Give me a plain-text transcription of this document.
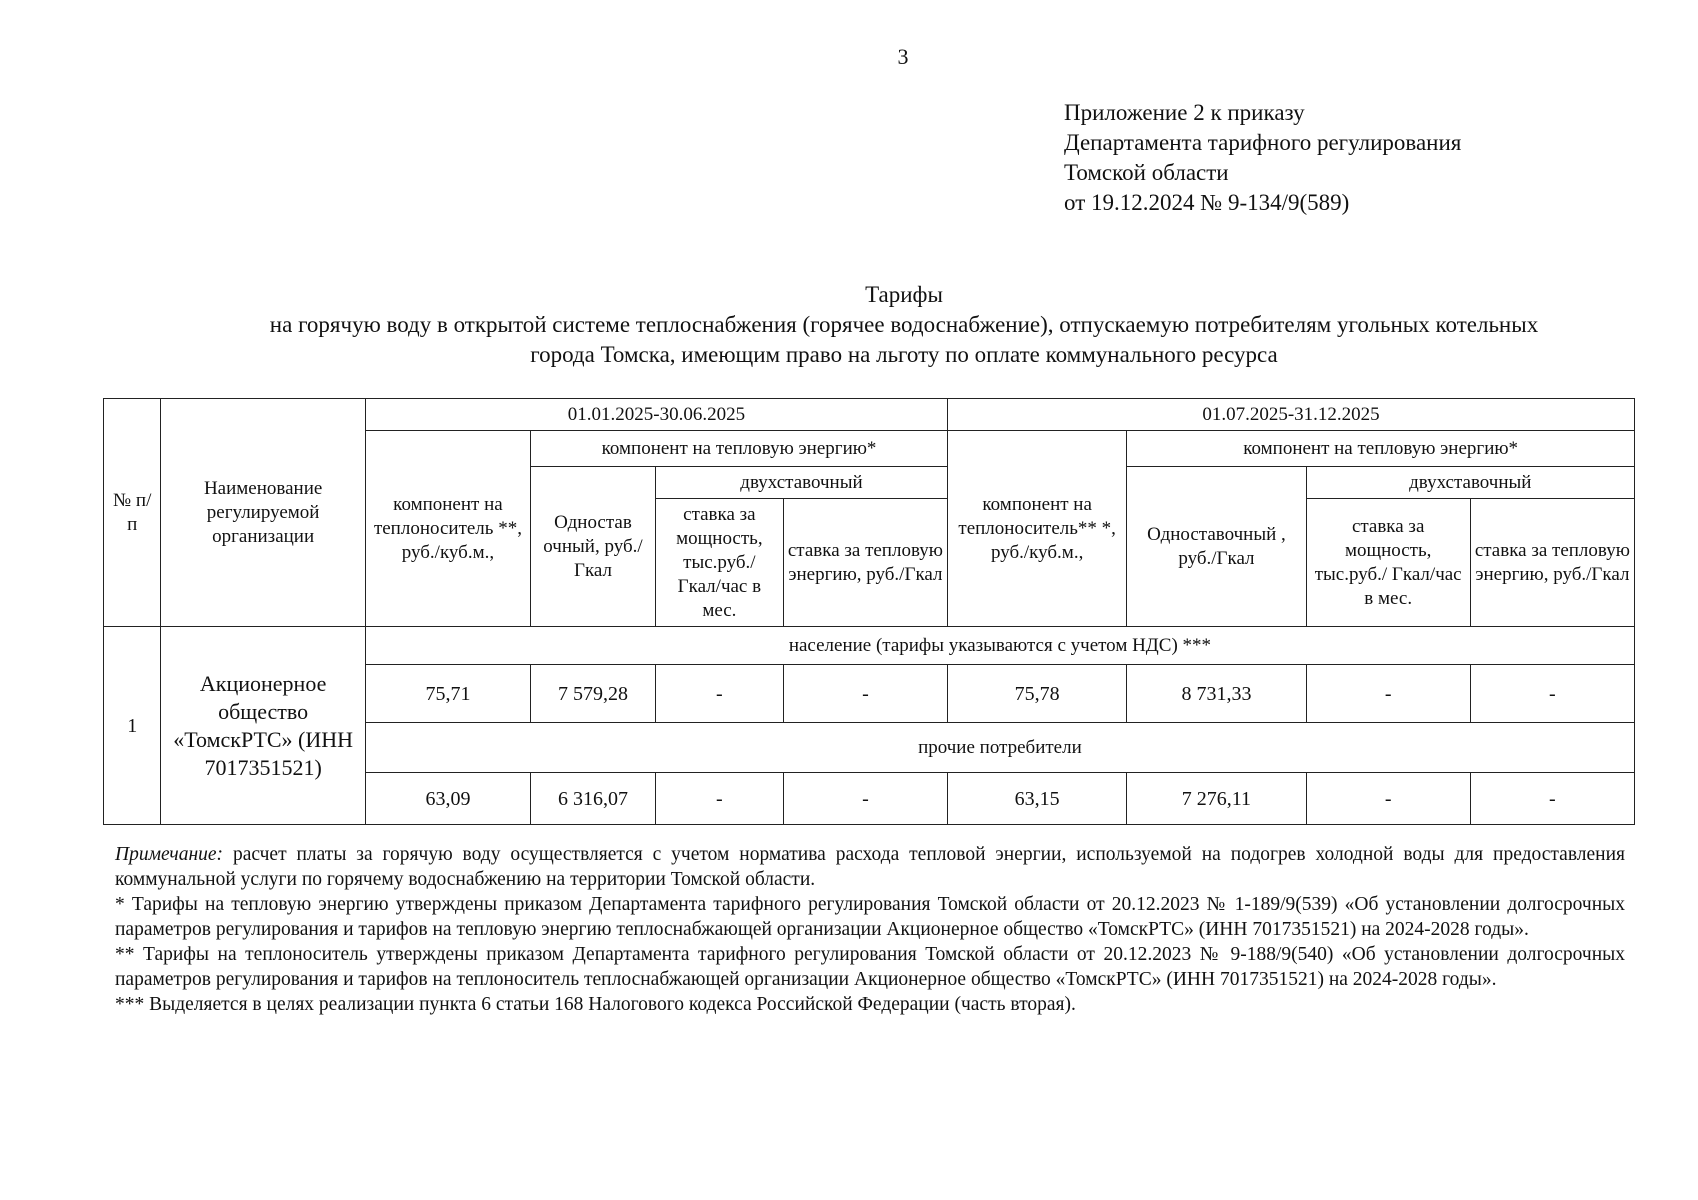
3
Приложение 2 к приказу
Департамента тарифного регулирования
Томской области
от 19.12.2024 № 9-134/9(589)
Тарифы
на горячую воду в открытой системе теплоснабжения (горячее водоснабжение), отпускаемую потребителям угольных котельных
города Томска, имеющим право на льготу по оплате коммунального ресурса
№ п/п	Наименование регулируемой организации	01.01.2025-30.06.2025				01.07.2025-31.12.2025			
		компонент на теплоноситель **, руб./куб.м.,	компонент на тепловую энергию*			компонент на теплоноситель** *, руб./куб.м.,	компонент на тепловую энергию*		
			Одностав очный, руб./Гкал	двухставочный			Одноставочный , руб./Гкал	двухставочный	
				ставка за мощность, тыс.руб./ Гкал/час в мес.	ставка за тепловую энергию, руб./Гкал			ставка за мощность, тыс.руб./ Гкал/час в мес.	ставка за тепловую энергию, руб./Гкал
1	Акционерное общество «ТомскРТС» (ИНН 7017351521)	население (тарифы указываются с учетом НДС) ***							
		75,71	7 579,28	-	-	75,78	8 731,33	-	-
		прочие потребители							
		63,09	6 316,07	-	-	63,15	7 276,11	-	-

Примечание: расчет платы за горячую воду осуществляется с учетом норматива расхода тепловой энергии, используемой на подогрев холодной воды для предоставления коммунальной услуги по горячему водоснабжению на территории Томской области.

* Тарифы на тепловую энергию утверждены приказом Департамента тарифного регулирования Томской области от 20.12.2023 № 1-189/9(539) «Об установлении долгосрочных параметров регулирования и тарифов на тепловую энергию теплоснабжающей организации Акционерное общество «ТомскРТС» (ИНН 7017351521) на 2024-2028 годы».

** Тарифы на теплоноситель утверждены приказом Департамента тарифного регулирования Томской области от 20.12.2023 № 9-188/9(540) «Об установлении долгосрочных параметров регулирования и тарифов на теплоноситель теплоснабжающей организации Акционерное общество «ТомскРТС» (ИНН 7017351521) на 2024-2028 годы».

*** Выделяется в целях реализации пункта 6 статьи 168 Налогового кодекса Российской Федерации (часть вторая).
